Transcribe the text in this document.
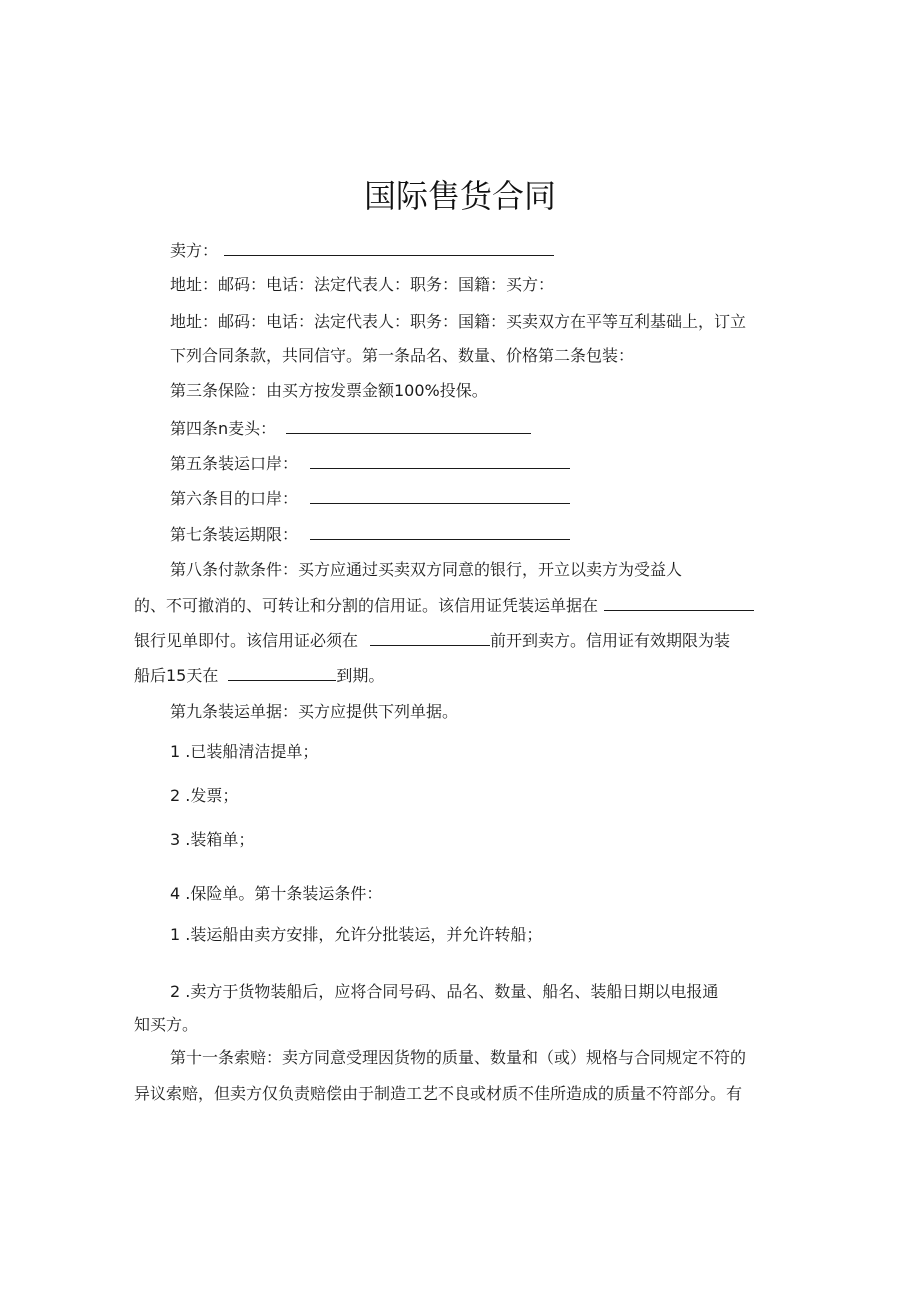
国际售货合同
卖方：
地址：邮码：电话：法定代表人：职务：国籍：买方：
地址：邮码：电话：法定代表人：职务：国籍：买卖双方在平等互利基础上，订立
下列合同条款，共同信守。第一条品名、数量、价格第二条包装：
第三条保险：由买方按发票金额100%投保。
第四条n麦头：
第五条装运口岸：
第六条目的口岸：
第七条装运期限：
第八条付款条件：买方应通过买卖双方同意的银行，开立以卖方为受益人
的、不可撤消的、可转让和分割的信用证。该信用证凭装运单据在
银行见单即付。该信用证必须在	前开到卖方。信用证有效期限为装
船后15天在	到期。
第九条装运单据：买方应提供下列单据。
1 .已装船清洁提单；
2 .发票；
3 .装箱单；
4 .保险单。第十条装运条件：
1 .装运船由卖方安排，允许分批装运，并允许转船；
2 .卖方于货物装船后，应将合同号码、品名、数量、船名、装船日期以电报通
知买方。
第十一条索赔：卖方同意受理因货物的质量、数量和（或）规格与合同规定不符的
异议索赔，但卖方仅负责赔偿由于制造工艺不良或材质不佳所造成的质量不符部分。有
